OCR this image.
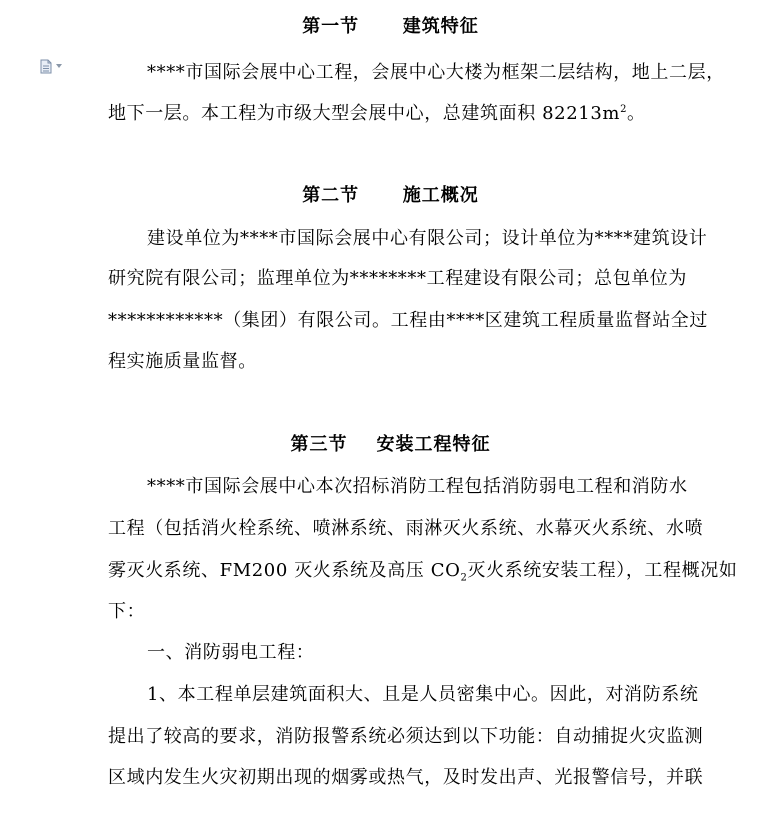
第一节      建筑特征
****市国际会展中心工程，会展中心大楼为框架二层结构，地上二层，
地下一层。本工程为市级大型会展中心，总建筑面积 $82213m^2$。
第二节      施工概况
建设单位为****市国际会展中心有限公司；设计单位为****建筑设计
研究院有限公司；监理单位为********工程建设有限公司；总包单位为
************（集团）有限公司。工程由****区建筑工程质量监督站全过
程实施质量监督。
第三节    安装工程特征
****市国际会展中心本次招标消防工程包括消防弱电工程和消防水
工程（包括消火栓系统、喷淋系统、雨淋灭火系统、水幕灭火系统、水喷
雾灭火系统、FM200 灭火系统及高压 $CO_2$灭火系统安装工程），工程概况如
下：
一、消防弱电工程：
1、本工程单层建筑面积大、且是人员密集中心。因此，对消防系统
提出了较高的要求，消防报警系统必须达到以下功能：自动捕捉火灾监测
区域内发生火灾初期出现的烟雾或热气，及时发出声、光报警信号，并联
